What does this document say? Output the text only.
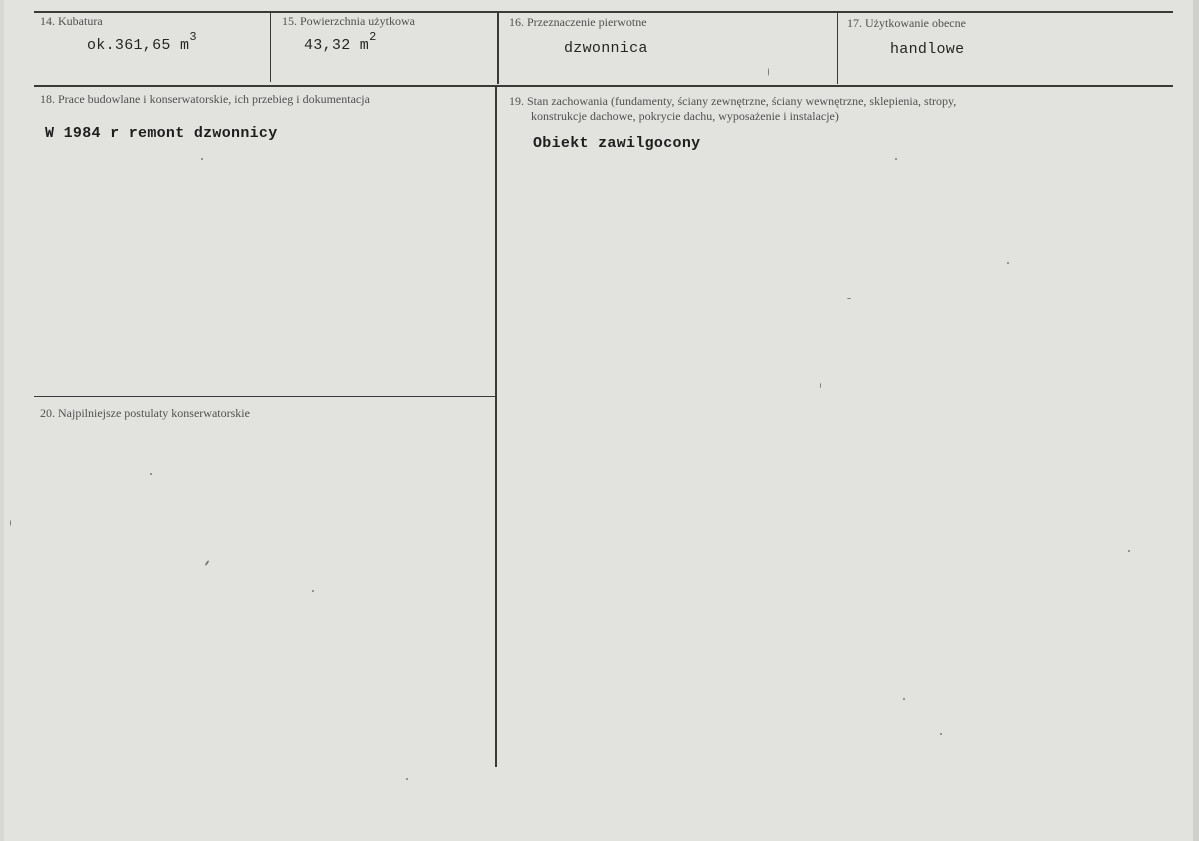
14. Kubatura
ok.361,65 $m^3$
15. Powierzchnia użytkowa
43,32 $m^2$
16. Przeznaczenie pierwotne
dzwonnica
17. Użytkowanie obecne
handlowe
18. Prace budowlane i konserwatorskie, ich przebieg i dokumentacja
W 1984 r remont dzwonnicy
19. Stan zachowania (fundamenty, ściany zewnętrzne, ściany wewnętrzne, sklepienia, stropy,
konstrukcje dachowe, pokrycie dachu, wyposażenie i instalacje)
Obiekt zawilgocony
20. Najpilniejsze postulaty konserwatorskie
